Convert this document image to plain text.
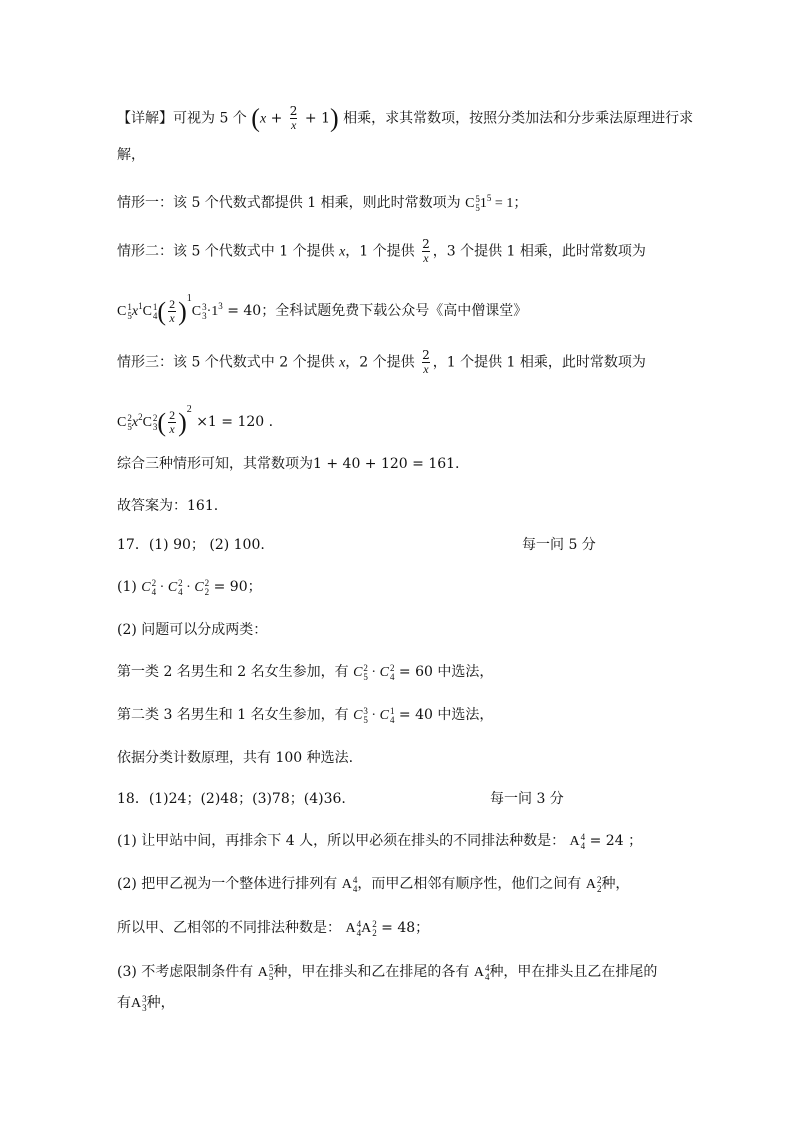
【详解】可视为 5 个 $(x + \frac{2}{x} + 1)$ 相乘，求其常数项，按照分类加法和分步乘法原理进行求
解，
情形一：该 5 个代数式都提供 1 相乘，则此时常数项为 C 5
5 $1^5 = 1$；
情形二：该 5 个代数式中 1 个提供 x，1 个提供 $\frac{2}{x}$ ，3 个提供 1 相乘，此时常数项为
C 1
5 $x^1C$ 1
4 ( $\frac{2}{x} )^1C$ 3
$3 \cdot 1^3 = 40$；全科试题免费下载公众号《高中僧课堂》
情形三：该 5 个代数式中 2 个提供 x，2 个提供 $\frac{2}{x}$ ，1 个提供 1 相乘，此时常数项为
C 2
5 $x^2C$ 2
3 ( $\frac{2}{x} )^2 \times 1 = 120$ .
综合三种情形可知，其常数项为1 + 40 + 120 = 161.
故答案为：161.
17．(1) 90； (2) 100.	每一问 5 分
(1) C 2
4 · C 2
4 · C 2
2 = 90；
(2) 问题可以分成两类：
第一类 2 名男生和 2 名女生参加，有 C 2
5 · C 2
4 = 60 中选法，
第二类 3 名男生和 1 名女生参加，有 C 3
5 · C 1
4 = 40 中选法，
依据分类计数原理，共有 100 种选法.
18．(1)24；(2)48；(3)78；(4)36.	每一问 3 分
(1) 让甲站中间，再排余下 4 人，所以甲必须在排头的不同排法种数是： A 4
4 = 24 ；
(2) 把甲乙视为一个整体进行排列有 A 4
4 ，而甲乙相邻有顺序性，他们之间有 A 2
2 种，
所以甲、乙相邻的不同排法种数是： A 4
4 A 2
2 = 48；
(3) 不考虑限制条件有 A 5
5 种，甲在排头和乙在排尾的各有 A 4
4 种，甲在排头且乙在排尾的
有A 3
3 种，
